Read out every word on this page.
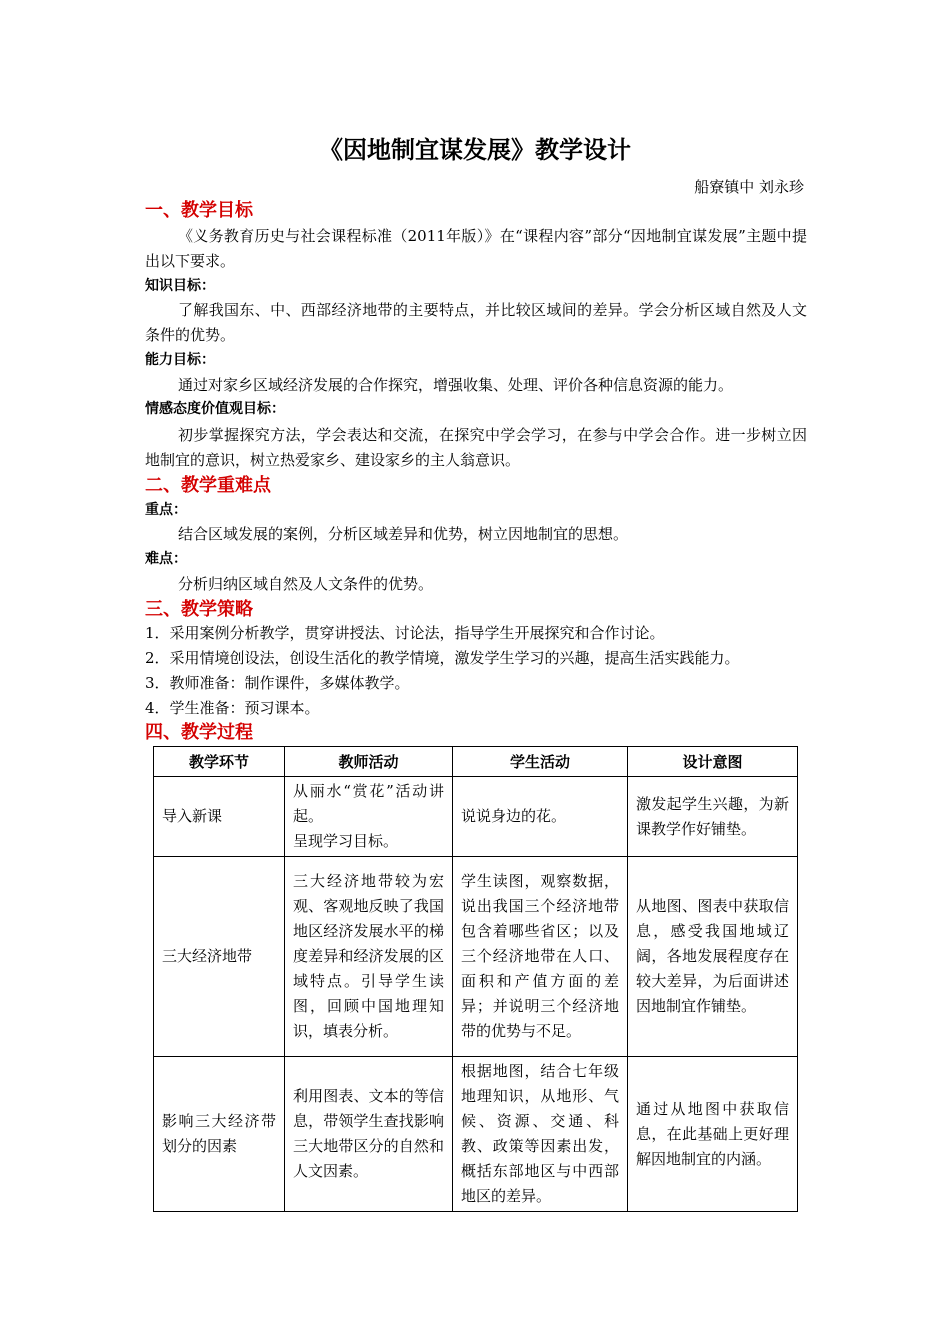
《因地制宜谋发展》教学设计
船寮镇中 刘永珍
一、教学目标
《义务教育历史与社会课程标准（2011年版）》在“课程内容”部分“因地制宜谋发展”主题中提出以下要求。
知识目标：
了解我国东、中、西部经济地带的主要特点，并比较区域间的差异。学会分析区域自然及人文条件的优势。
能力目标：
通过对家乡区域经济发展的合作探究，增强收集、处理、评价各种信息资源的能力。
情感态度价值观目标：
初步掌握探究方法，学会表达和交流，在探究中学会学习，在参与中学会合作。进一步树立因地制宜的意识，树立热爱家乡、建设家乡的主人翁意识。
二、教学重难点
重点：
结合区域发展的案例，分析区域差异和优势，树立因地制宜的思想。
难点：
分析归纳区域自然及人文条件的优势。
三、教学策略
1．采用案例分析教学，贯穿讲授法、讨论法，指导学生开展探究和合作讨论。
2．采用情境创设法，创设生活化的教学情境，激发学生学习的兴趣，提高生活实践能力。
3．教师准备：制作课件，多媒体教学。
4．学生准备：预习课本。
四、教学过程
教学环节	教师活动	学生活动	设计意图
导入新课	从丽水“赏花”活动讲起。
呈现学习目标。	说说身边的花。	激发起学生兴趣，为新课教学作好铺垫。
三大经济地带	三大经济地带较为宏观、客观地反映了我国地区经济发展水平的梯度差异和经济发展的区域特点。引导学生读图，回顾中国地理知识，填表分析。	学生读图，观察数据，说出我国三个经济地带包含着哪些省区；以及三个经济地带在人口、面积和产值方面的差异；并说明三个经济地带的优势与不足。	从地图、图表中获取信息，感受我国地域辽阔，各地发展程度存在较大差异，为后面讲述因地制宜作铺垫。
影响三大经济带划分的因素	利用图表、文本的等信息，带领学生查找影响三大地带区分的自然和人文因素。	根据地图，结合七年级地理知识，从地形、气候、资源、交通、科教、政策等因素出发，概括东部地区与中西部地区的差异。	通过从地图中获取信息，在此基础上更好理解因地制宜的内涵。
